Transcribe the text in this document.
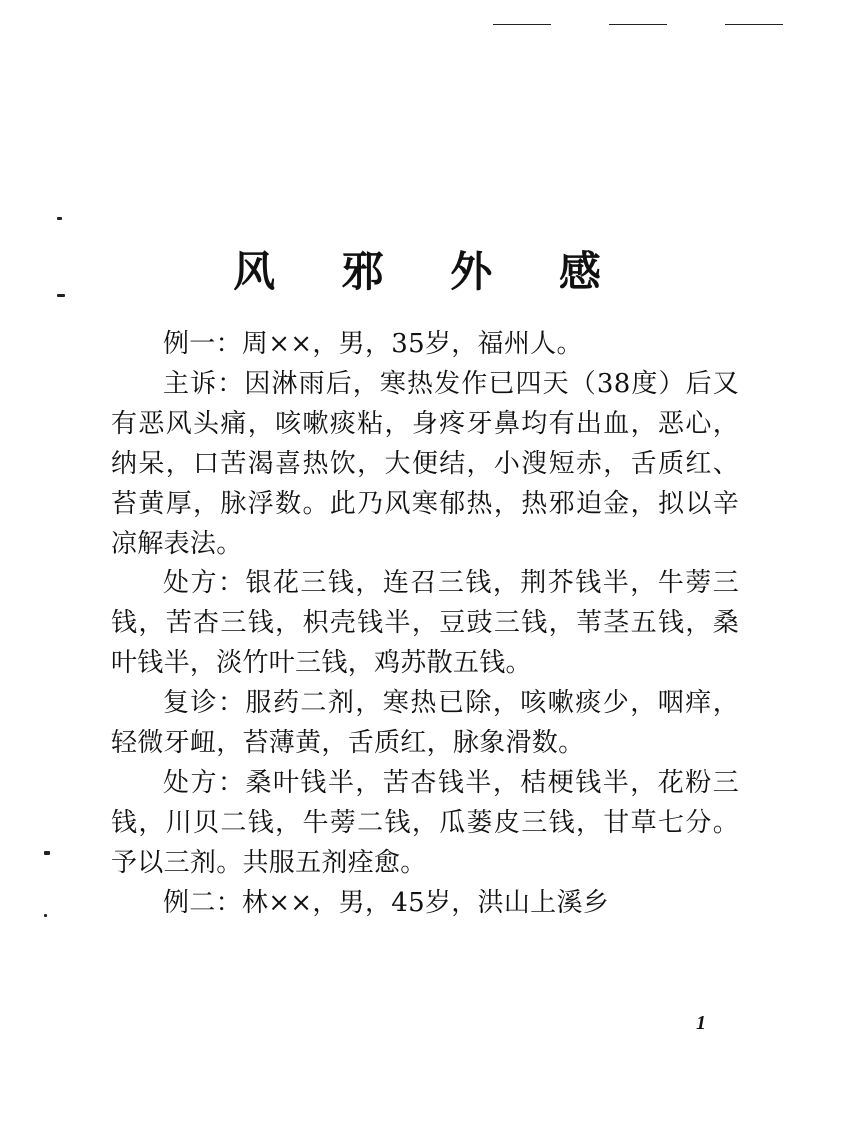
风 邪 外 感

例一：周××，男，35岁，福州人。

主诉：因淋雨后，寒热发作已四天（38度）后又有恶风头痛，咳嗽痰粘，身疼牙鼻均有出血，恶心，纳呆，口苦渴喜热饮，大便结，小溲短赤，舌质红、苔黄厚，脉浮数。此乃风寒郁热，热邪迫金，拟以辛凉解表法。

处方：银花三钱，连召三钱，荆芥钱半，牛蒡三钱，苦杏三钱，枳壳钱半，豆豉三钱，苇茎五钱，桑叶钱半，淡竹叶三钱，鸡苏散五钱。

复诊：服药二剂，寒热已除，咳嗽痰少，咽痒，轻微牙衄，苔薄黄，舌质红，脉象滑数。

处方：桑叶钱半，苦杏钱半，桔梗钱半，花粉三钱，川贝二钱，牛蒡二钱，瓜蒌皮三钱，甘草七分。予以三剂。共服五剂痊愈。

例二：林××，男，45岁，洪山上溪乡

1
